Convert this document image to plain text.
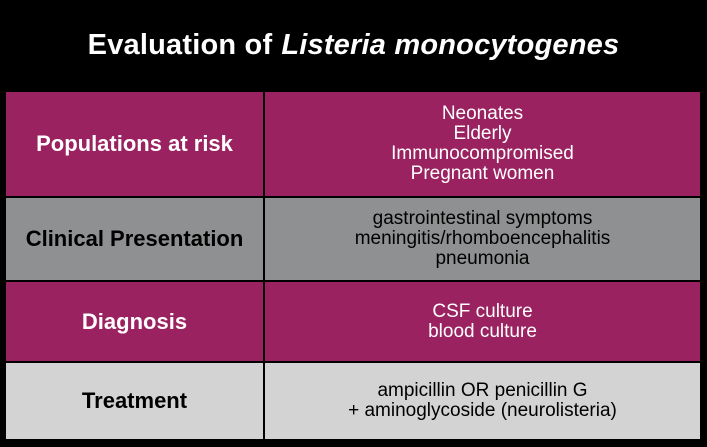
Evaluation of Listeria monocytogenes
Populations at risk
Neonates
Elderly
Immunocompromised
Pregnant women
Clinical Presentation
gastrointestinal symptoms
meningitis/rhomboencephalitis
pneumonia
Diagnosis	CSF culture
blood culture
Treatment	ampicillin OR penicillin G
+ aminoglycoside (neurolisteria)
